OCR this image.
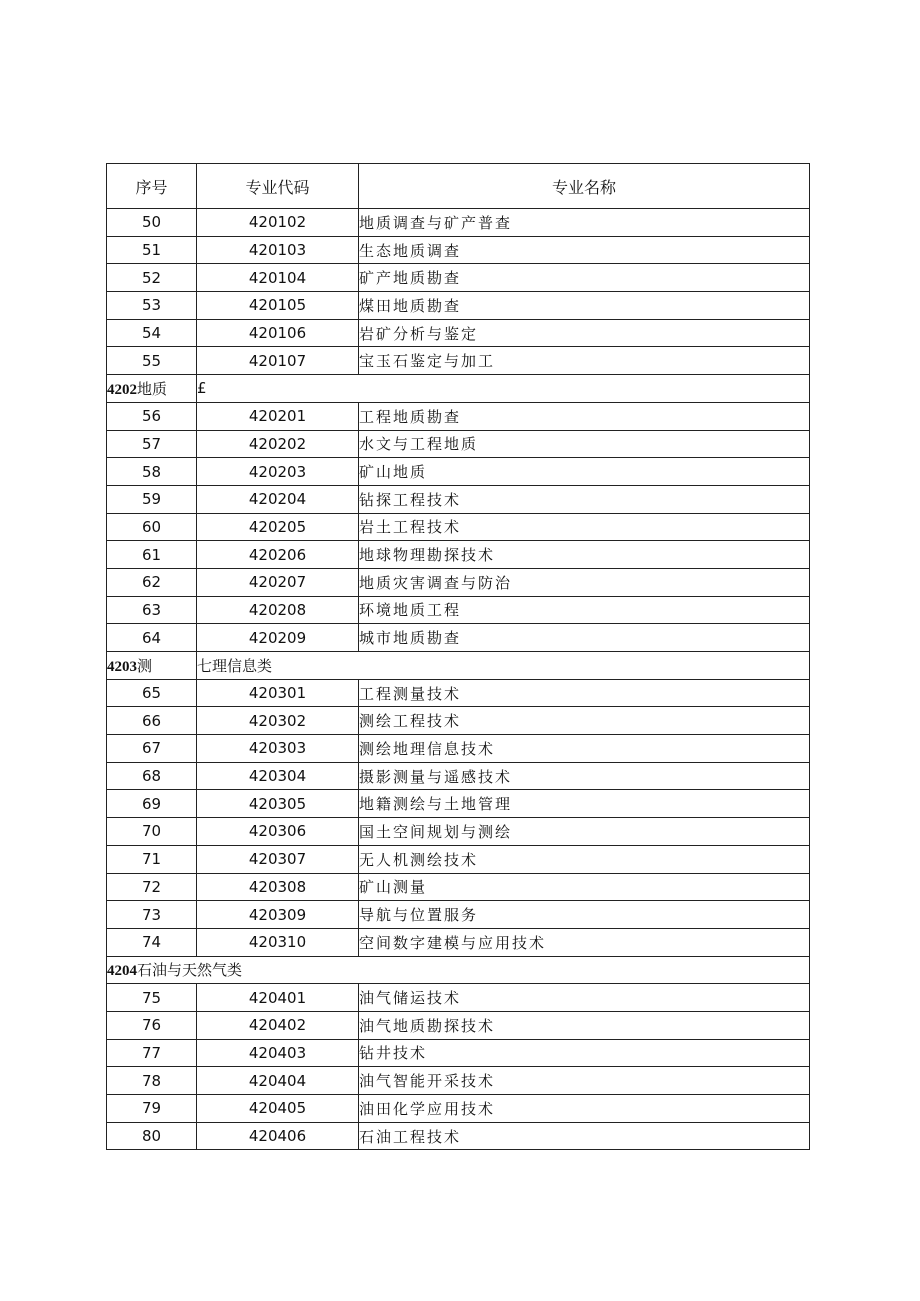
序号	专业代码	专业名称
50	420102	地质调查与矿产普查
51	420103	生态地质调查
52	420104	矿产地质勘查
53	420105	煤田地质勘查
54	420106	岩矿分析与鉴定
55	420107	宝玉石鉴定与加工
4202地质	£	
56	420201	工程地质勘查
57	420202	水文与工程地质
58	420203	矿山地质
59	420204	钻探工程技术
60	420205	岩土工程技术
61	420206	地球物理勘探技术
62	420207	地质灾害调查与防治
63	420208	环境地质工程
64	420209	城市地质勘查
4203测	七理信息类	
65	420301	工程测量技术
66	420302	测绘工程技术
67	420303	测绘地理信息技术
68	420304	摄影测量与遥感技术
69	420305	地籍测绘与土地管理
70	420306	国土空间规划与测绘
71	420307	无人机测绘技术
72	420308	矿山测量
73	420309	导航与位置服务
74	420310	空间数字建模与应用技术
4204石油与天然气类		
75	420401	油气储运技术
76	420402	油气地质勘探技术
77	420403	钻井技术
78	420404	油气智能开采技术
79	420405	油田化学应用技术
80	420406	石油工程技术
